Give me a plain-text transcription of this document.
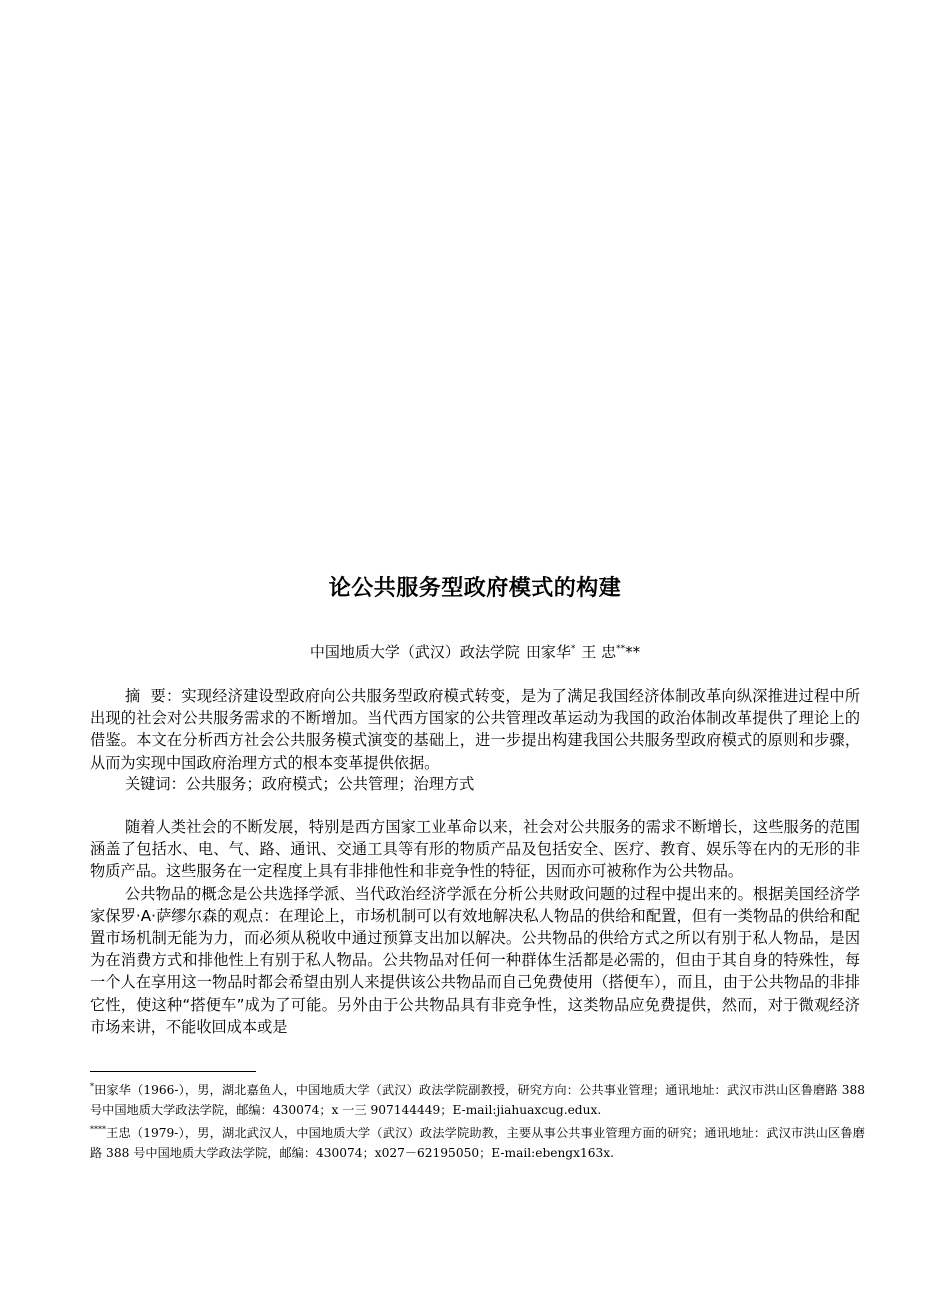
论公共服务型政府模式的构建
中国地质大学（武汉）政法学院 田家华* 王 忠****

摘  要：实现经济建设型政府向公共服务型政府模式转变，是为了满足我国经济体制改革向纵深推进过程中所出现的社会对公共服务需求的不断增加。当代西方国家的公共管理改革运动为我国的政治体制改革提供了理论上的借鉴。本文在分析西方社会公共服务模式演变的基础上，进一步提出构建我国公共服务型政府模式的原则和步骤，从而为实现中国政府治理方式的根本变革提供依据。

关键词：公共服务；政府模式；公共管理；治理方式

随着人类社会的不断发展，特别是西方国家工业革命以来，社会对公共服务的需求不断增长，这些服务的范围涵盖了包括水、电、气、路、通讯、交通工具等有形的物质产品及包括安全、医疗、教育、娱乐等在内的无形的非物质产品。这些服务在一定程度上具有非排他性和非竞争性的特征，因而亦可被称作为公共物品。

公共物品的概念是公共选择学派、当代政治经济学派在分析公共财政问题的过程中提出来的。根据美国经济学家保罗·A·萨缪尔森的观点：在理论上，市场机制可以有效地解决私人物品的供给和配置，但有一类物品的供给和配置市场机制无能为力，而必须从税收中通过预算支出加以解决。公共物品的供给方式之所以有别于私人物品，是因为在消费方式和排他性上有别于私人物品。公共物品对任何一种群体生活都是必需的，但由于其自身的特殊性，每一个人在享用这一物品时都会希望由别人来提供该公共物品而自己免费使用（搭便车），而且，由于公共物品的非排它性，使这种“搭便车”成为了可能。另外由于公共物品具有非竞争性，这类物品应免费提供，然而，对于微观经济市场来讲，不能收回成本或是

*田家华（1966-），男，湖北嘉鱼人，中国地质大学（武汉）政法学院副教授，研究方向：公共事业管理；通讯地址：武汉市洪山区鲁磨路 388 号中国地质大学政法学院，邮编：430074；x 一三 907144449；E-mail:jiahuaxcug.edux.

****王忠（1979-），男，湖北武汉人，中国地质大学（武汉）政法学院助教，主要从事公共事业管理方面的研究；通讯地址：武汉市洪山区鲁磨路 388 号中国地质大学政法学院，邮编：430074；x027－62195050；E-mail:ebengx163x.
